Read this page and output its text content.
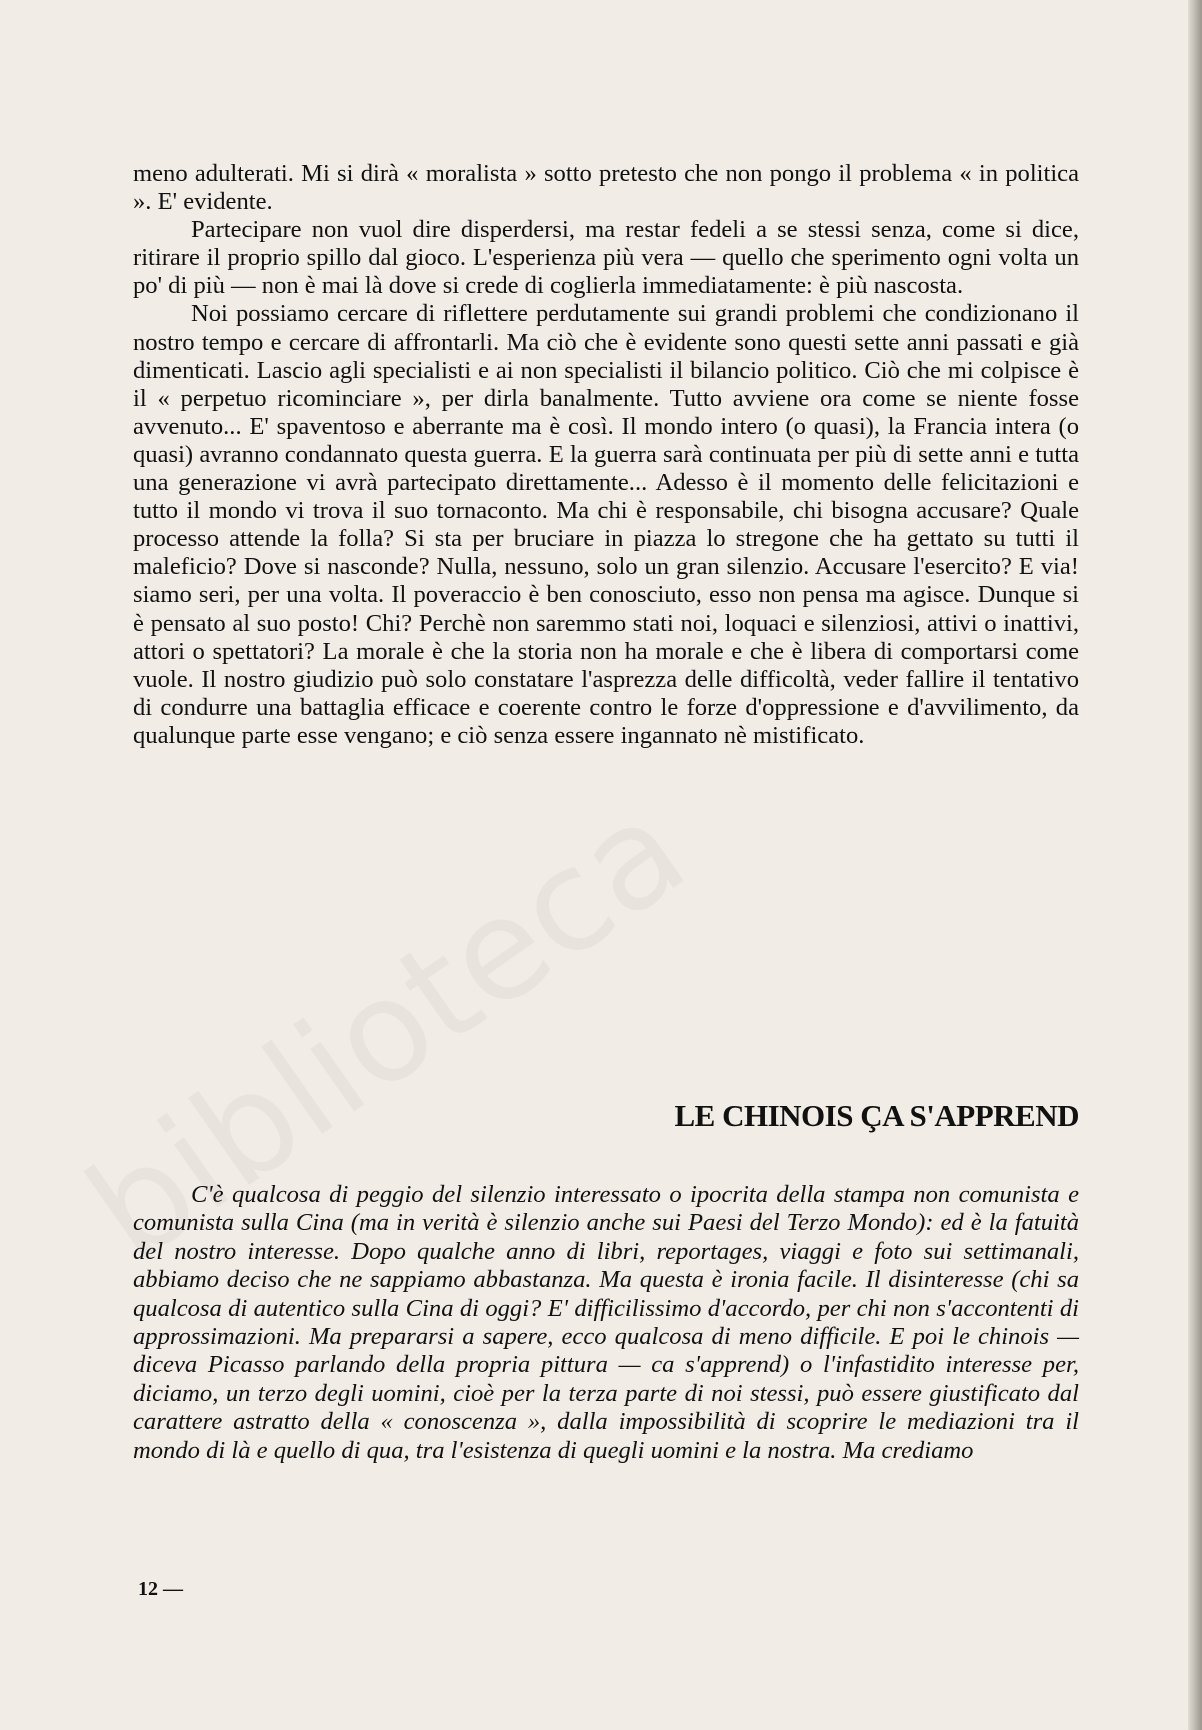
meno adulterati. Mi si dirà « moralista » sotto pretesto che non pongo il problema « in politica ». E' evidente.

Partecipare non vuol dire disperdersi, ma restar fedeli a se stessi senza, come si dice, ritirare il proprio spillo dal gioco. L'esperienza più vera — quello che sperimento ogni volta un po' di più — non è mai là dove si crede di coglierla immediatamente: è più nascosta.

Noi possiamo cercare di riflettere perdutamente sui grandi problemi che condizionano il nostro tempo e cercare di affrontarli. Ma ciò che è evidente sono questi sette anni passati e già dimenticati. Lascio agli specialisti e ai non specialisti il bilancio politico. Ciò che mi colpisce è il « perpetuo ricominciare », per dirla banalmente. Tutto avviene ora come se niente fosse avvenuto... E' spaventoso e aberrante ma è così. Il mondo intero (o quasi), la Francia intera (o quasi) avranno condannato questa guerra. E la guerra sarà continuata per più di sette anni e tutta una generazione vi avrà partecipato direttamente... Adesso è il momento delle felicitazioni e tutto il mondo vi trova il suo tornaconto. Ma chi è responsabile, chi bisogna accusare? Quale processo attende la folla? Si sta per bruciare in piazza lo stregone che ha gettato su tutti il maleficio? Dove si nasconde? Nulla, nessuno, solo un gran silenzio. Accusare l'esercito? E via! siamo seri, per una volta. Il poveraccio è ben conosciuto, esso non pensa ma agisce. Dunque si è pensato al suo posto! Chi? Perchè non saremmo stati noi, loquaci e silenziosi, attivi o inattivi, attori o spettatori? La morale è che la storia non ha morale e che è libera di comportarsi come vuole. Il nostro giudizio può solo constatare l'asprezza delle difficoltà, veder fallire il tentativo di condurre una battaglia efficace e coerente contro le forze d'oppressione e d'avvilimento, da qualunque parte esse vengano; e ciò senza essere ingannato nè mistificato.

LE CHINOIS ÇA S'APPREND

C'è qualcosa di peggio del silenzio interessato o ipocrita della stampa non comunista e comunista sulla Cina (ma in verità è silenzio anche sui Paesi del Terzo Mondo): ed è la fatuità del nostro interesse. Dopo qualche anno di libri, reportages, viaggi e foto sui settimanali, abbiamo deciso che ne sappiamo abbastanza. Ma questa è ironia facile. Il disinteresse (chi sa qualcosa di autentico sulla Cina di oggi? E' difficilissimo d'accordo, per chi non s'accontenti di approssimazioni. Ma prepararsi a sapere, ecco qualcosa di meno difficile. E poi le chinois — diceva Picasso parlando della propria pittura — ca s'apprend) o l'infastidito interesse per, diciamo, un terzo degli uomini, cioè per la terza parte di noi stessi, può essere giustificato dal carattere astratto della « conoscenza », dalla impossibilità di scoprire le mediazioni tra il mondo di là e quello di qua, tra l'esistenza di quegli uomini e la nostra. Ma crediamo

12 —
